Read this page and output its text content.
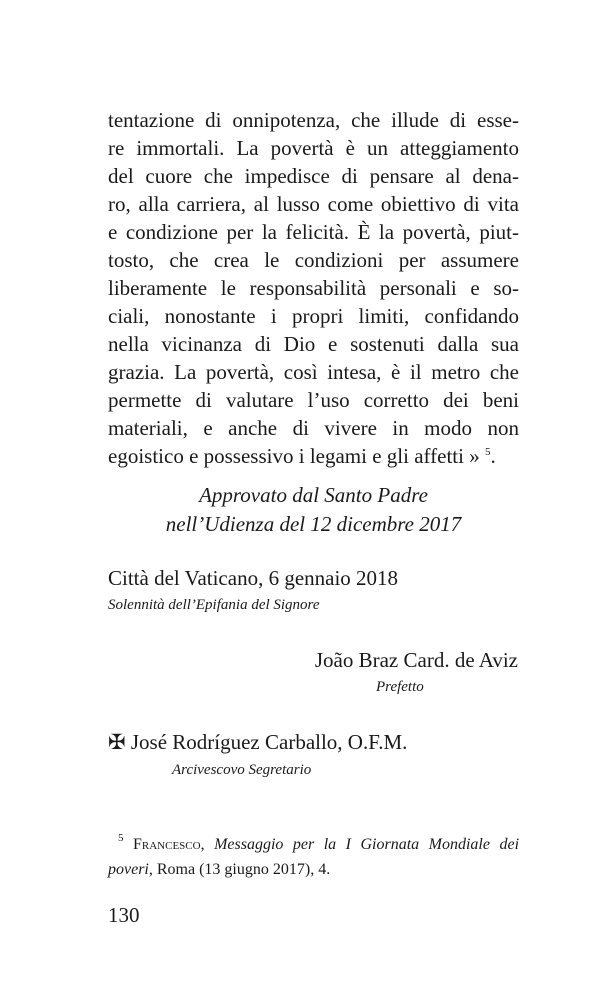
tentazione di onnipotenza, che illude di esse-
re immortali. La povertà è un atteggiamento
del cuore che impedisce di pensare al dena-
ro, alla carriera, al lusso come obiettivo di vita
e condizione per la felicità. È la povertà, piut-
tosto, che crea le condizioni per assumere
liberamente le responsabilità personali e so-
ciali, nonostante i propri limiti, confidando
nella vicinanza di Dio e sostenuti dalla sua
grazia. La povertà, così intesa, è il metro che
permette di valutare l’uso corretto dei beni
materiali, e anche di vivere in modo non
egoistico e possessivo i legami e gli affetti » $^5$.
Approvato dal Santo Padre
nell’Udienza del 12 dicembre 2017
Città del Vaticano, 6 gennaio 2018
Solennità dell’Epifania del Signore
João Braz Card. de Aviz
Prefetto
✠ José Rodríguez Carballo, O.F.M.
Arcivescovo Segretario
$^5$ Francesco, Messaggio per la I Giornata Mondiale dei
poveri, Roma (13 giugno 2017), 4.
130
